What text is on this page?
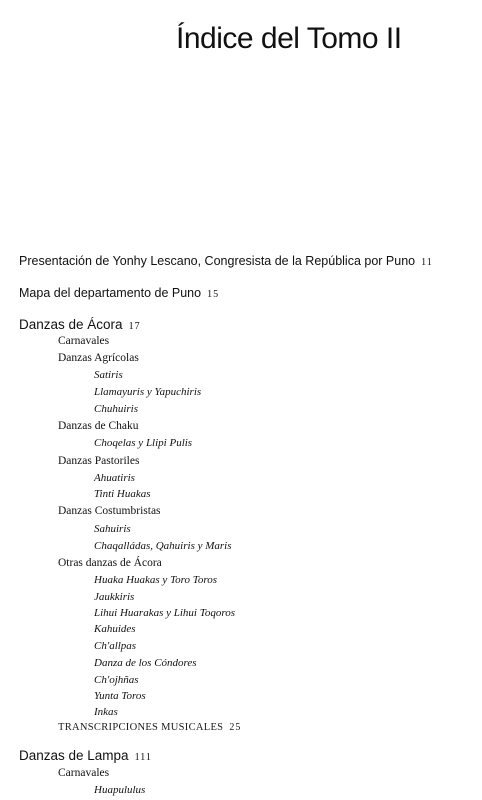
Índice del Tomo II
Presentación de Yonhy Lescano, Congresista de la República por Puno 11
Mapa del departamento de Puno 15
Danzas de Ácora 17
Carnavales
Danzas Agrícolas
Satiris
Llamayuris y Yapuchiris
Chuhuiris
Danzas de Chaku
Choqelas y Llipi Pulis
Danzas Pastoriles
Ahuatiris
Tinti Huakas
Danzas Costumbristas
Sahuiris
Chaqalládas, Qahuiris y Maris
Otras danzas de Ácora
Huaka Huakas y Toro Toros
Jaukkiris
Lihui Huarakas y Lihui Toqoros
Kahuides
Ch'allpas
Danza de los Cóndores
Ch'ojhñas
Yunta Toros
Inkas
TRANSCRIPCIONES MUSICALES 25
Danzas de Lampa 111
Carnavales
Huapululus
